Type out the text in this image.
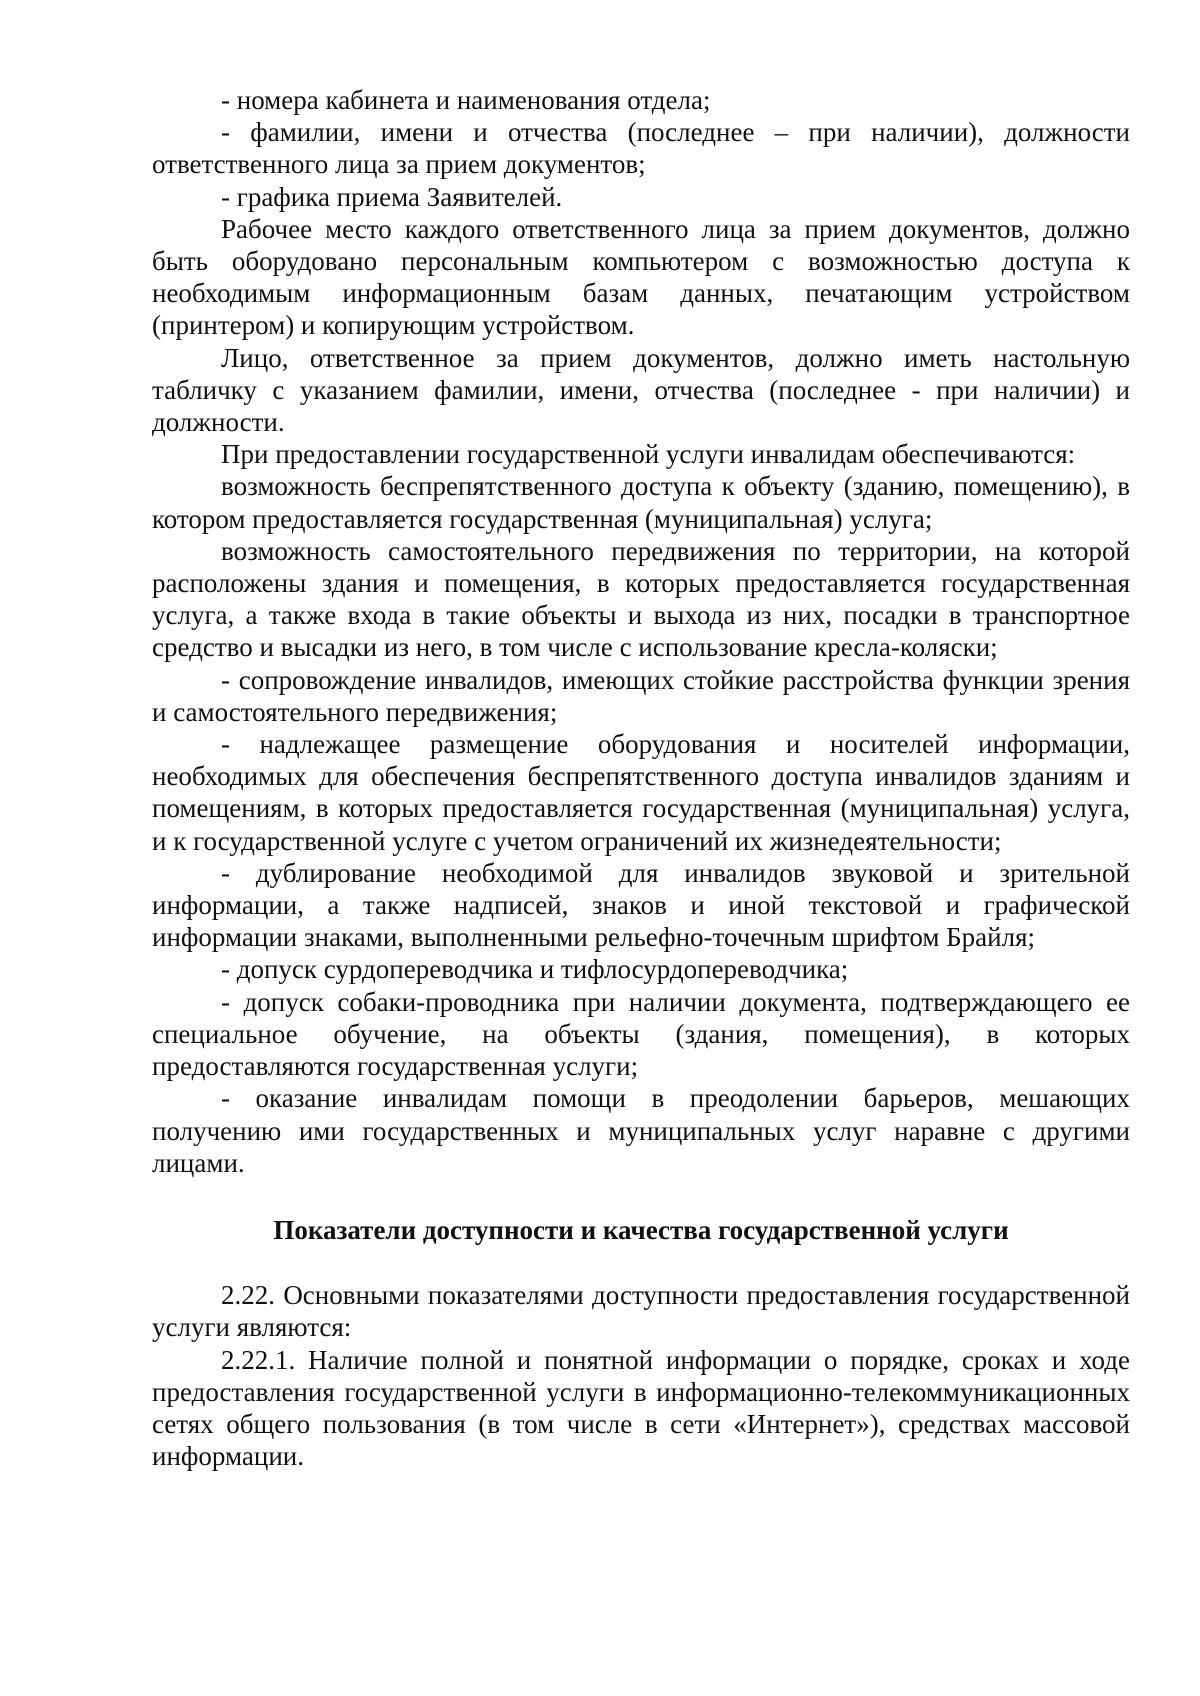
- номера кабинета и наименования отдела;

- фамилии, имени и отчества (последнее – при наличии), должности ответственного лица за прием документов;

- графика приема Заявителей.

Рабочее место каждого ответственного лица за прием документов, должно быть оборудовано персональным компьютером с возможностью доступа к необходимым информационным базам данных, печатающим устройством (принтером) и копирующим устройством.

Лицо, ответственное за прием документов, должно иметь настольную табличку с указанием фамилии, имени, отчества (последнее - при наличии) и должности.

При предоставлении государственной услуги инвалидам обеспечиваются:

возможность беспрепятственного доступа к объекту (зданию, помещению), в котором предоставляется государственная (муниципальная) услуга;

возможность самостоятельного передвижения по территории, на которой расположены здания и помещения, в которых предоставляется государственная услуга, а также входа в такие объекты и выхода из них, посадки в транспортное средство и высадки из него, в том числе с использование кресла-коляски;

- сопровождение инвалидов, имеющих стойкие расстройства функции зрения и самостоятельного передвижения;

- надлежащее размещение оборудования и носителей информации, необходимых для обеспечения беспрепятственного доступа инвалидов зданиям и помещениям, в которых предоставляется государственная (муниципальная) услуга, и к государственной услуге с учетом ограничений их жизнедеятельности;

- дублирование необходимой для инвалидов звуковой и зрительной информации, а также надписей, знаков и иной текстовой и графической информации знаками, выполненными рельефно-точечным шрифтом Брайля;

- допуск сурдопереводчика и тифлосурдопереводчика;

- допуск собаки-проводника при наличии документа, подтверждающего ее специальное обучение, на объекты (здания, помещения), в которых предоставляются государственная услуги;

- оказание инвалидам помощи в преодолении барьеров, мешающих получению ими государственных и муниципальных услуг наравне с другими лицами.

Показатели доступности и качества государственной услуги

2.22. Основными показателями доступности предоставления государственной услуги являются:

2.22.1. Наличие полной и понятной информации о порядке, сроках и ходе предоставления государственной услуги в информационно-телекоммуникационных сетях общего пользования (в том числе в сети «Интернет»), средствах массовой информации.
